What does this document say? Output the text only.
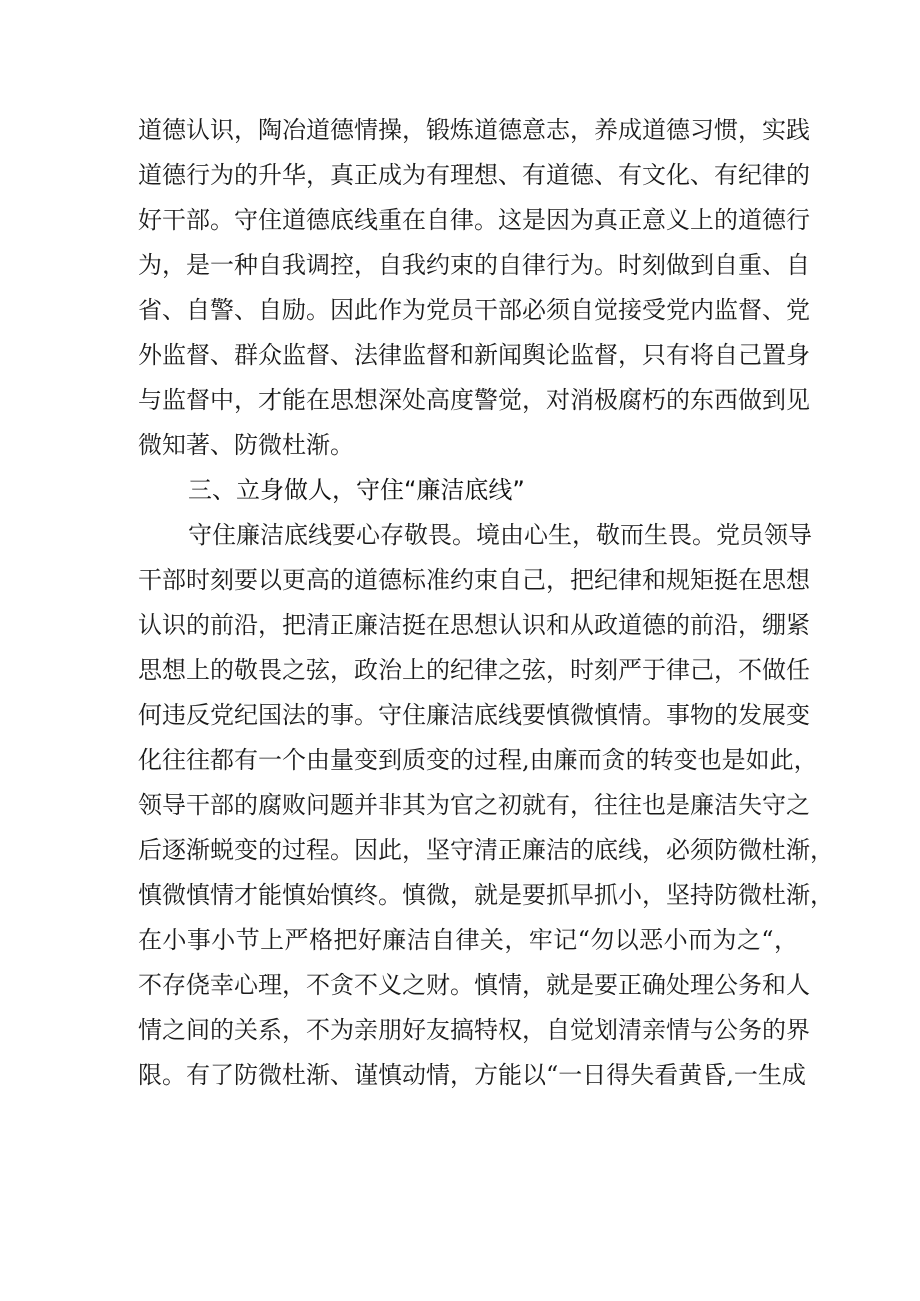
道德认识，陶冶道德情操，锻炼道德意志，养成道德习惯，实践
道德行为的升华，真正成为有理想、有道德、有文化、有纪律的
好干部。守住道德底线重在自律。这是因为真正意义上的道德行
为，是一种自我调控，自我约束的自律行为。时刻做到自重、自
省、自警、自励。因此作为党员干部必须自觉接受党内监督、党
外监督、群众监督、法律监督和新闻舆论监督，只有将自己置身
与监督中，才能在思想深处高度警觉，对消极腐朽的东西做到见
微知著、防微杜渐。
三、立身做人，守住“廉洁底线”
守住廉洁底线要心存敬畏。境由心生，敬而生畏。党员领导
干部时刻要以更高的道德标准约束自己，把纪律和规矩挺在思想
认识的前沿，把清正廉洁挺在思想认识和从政道德的前沿，绷紧
思想上的敬畏之弦，政治上的纪律之弦，时刻严于律己，不做任
何违反党纪国法的事。守住廉洁底线要慎微慎情。事物的发展变
化往往都有一个由量变到质变的过程,由廉而贪的转变也是如此，
领导干部的腐败问题并非其为官之初就有，往往也是廉洁失守之
后逐渐蜕变的过程。因此，坚守清正廉洁的底线，必须防微杜渐，
慎微慎情才能慎始慎终。慎微，就是要抓早抓小，坚持防微杜渐，
在小事小节上严格把好廉洁自律关，牢记“勿以恶小而为之“，
不存侥幸心理，不贪不义之财。慎情，就是要正确处理公务和人
情之间的关系，不为亲朋好友搞特权，自觉划清亲情与公务的界
限。有了防微杜渐、谨慎动情，方能以“一日得失看黄昏,一生成
